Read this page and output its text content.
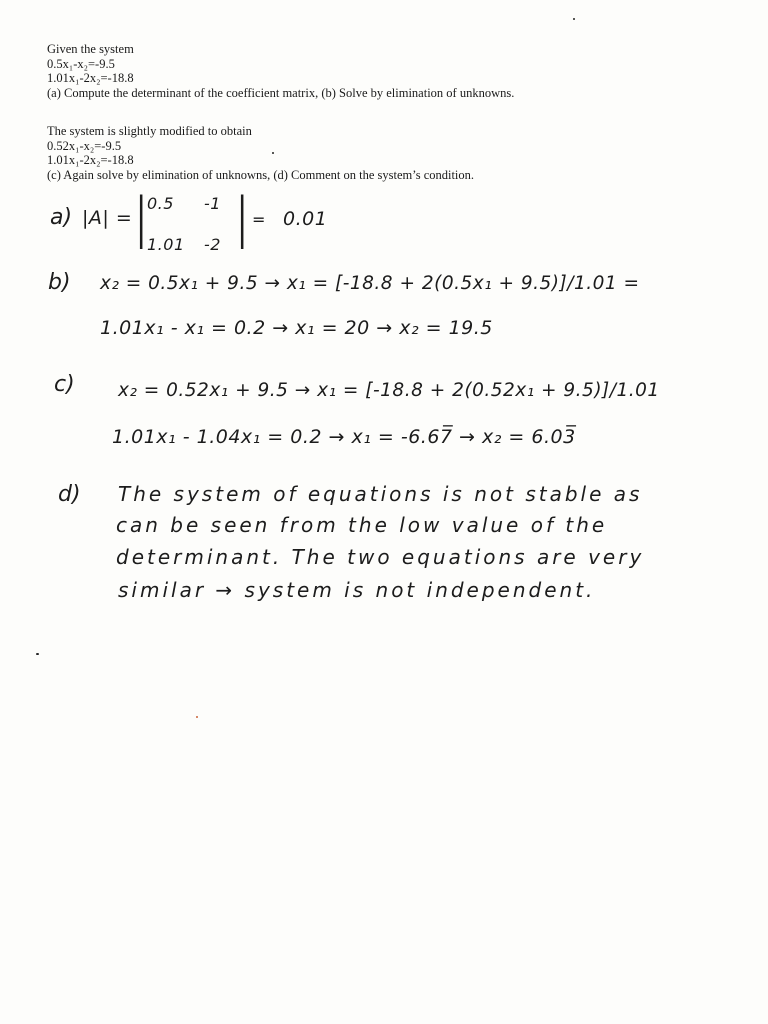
Given the system
0.5x₁-x₂=-9.5
1.01x₁-2x₂=-18.8
(a) Compute the determinant of the coefficient matrix, (b) Solve by elimination of unknowns.
The system is slightly modified to obtain
0.52x₁-x₂=-9.5
1.01x₁-2x₂=-18.8
(c) Again solve by elimination of unknowns, (d) Comment on the system’s condition.
a) |A| = |
0.5 -1
1.01 -2 | = 0.01
b) x₂ = 0.5x₁ + 9.5 → x₁ = [-18.8 + 2(0.5x₁ + 9.5)]/1.01 =
1.01x₁ - x₁ = 0.2 → x₁ = 20 → x₂ = 19.5
c) x₂ = 0.52x₁ + 9.5 → x₁ = [-18.8 + 2(0.52x₁ + 9.5)]/1.01
1.01x₁ - 1.04x₁ = 0.2 → x₁ = -6.67̅ → x₂ = 6.03̅
d) The system of equations is not stable as
can be seen from the low value of the
determinant. The two equations are very
similar → system is not independent.
